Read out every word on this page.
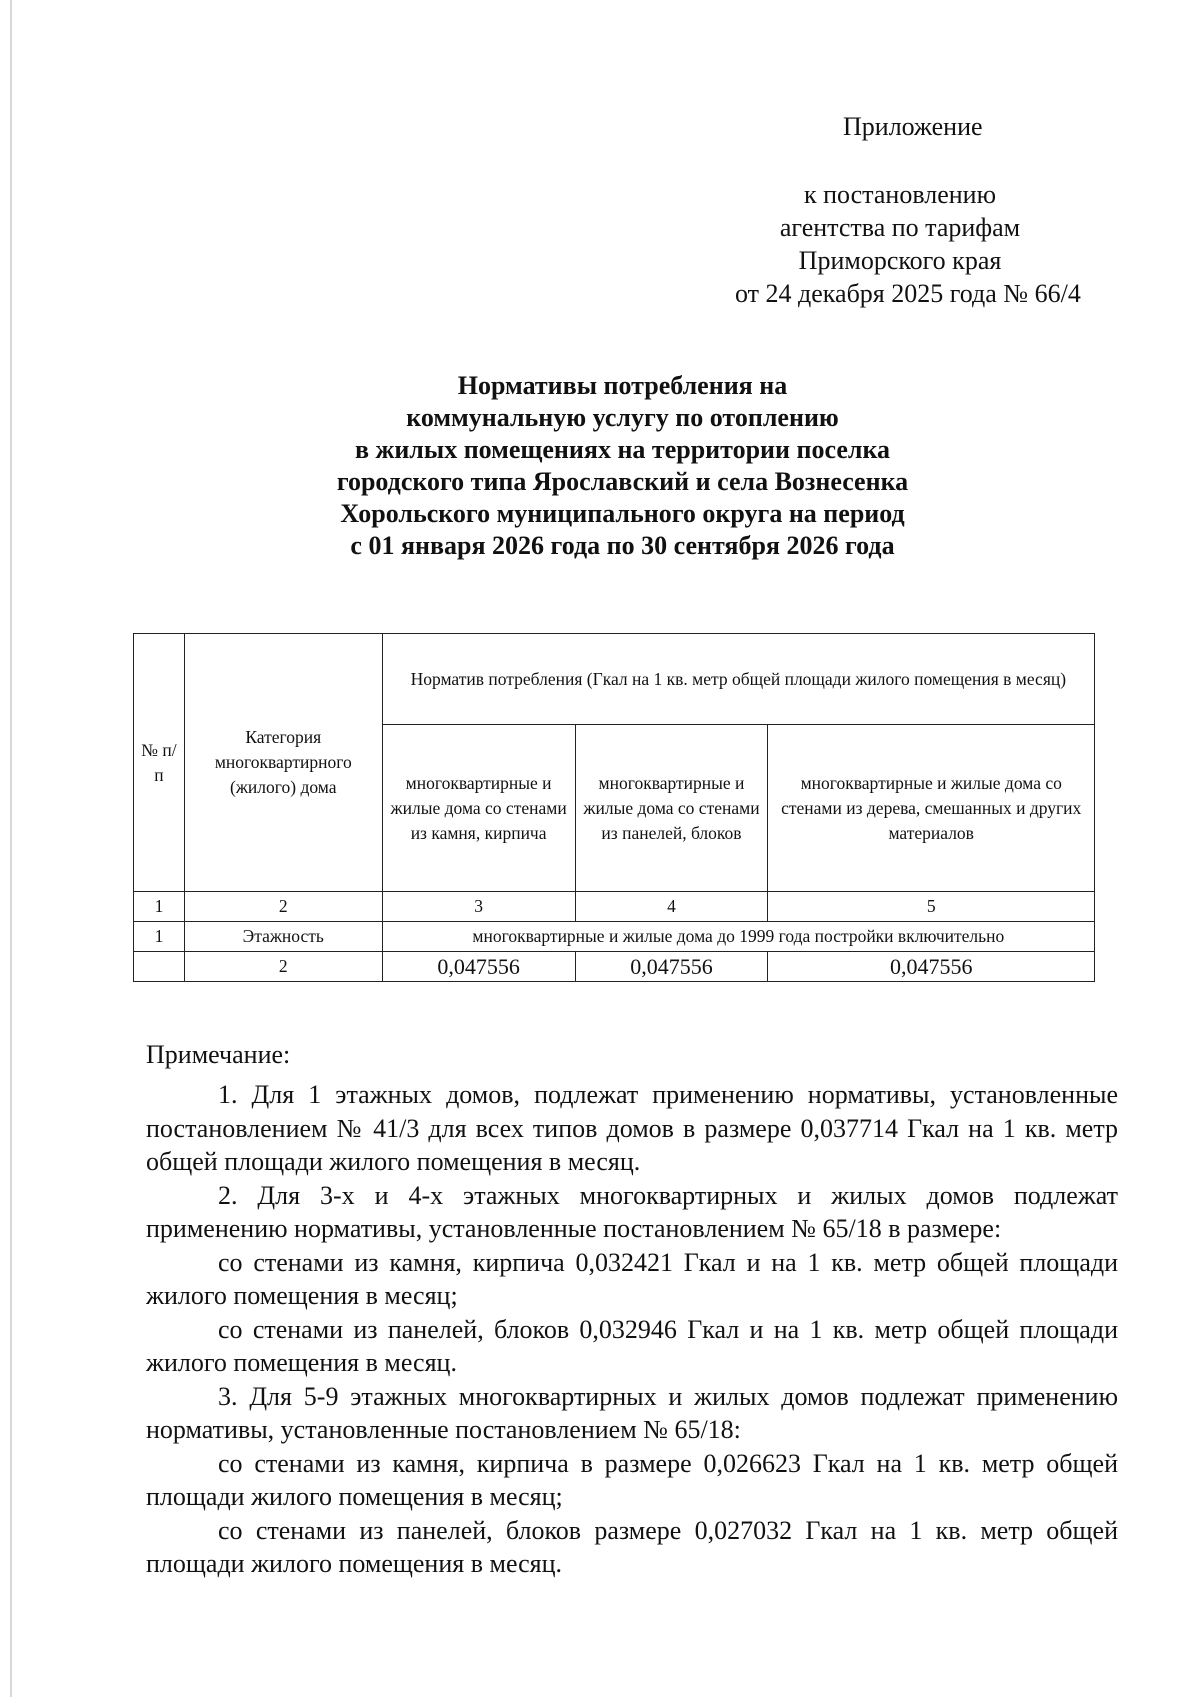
Приложение
к постановлению
агентства по тарифам
Приморского края
от 24 декабря 2025 года № 66/4
Нормативы потребления на
коммунальную услугу по отоплению
в жилых помещениях на территории поселка
городского типа Ярославский и села Вознесенка
Хорольского муниципального округа на период
с 01 января 2026 года по 30 сентября 2026 года
№ п/п	Категория многоквартирного (жилого) дома	Норматив потребления (Гкал на 1 кв. метр общей площади жилого помещения в месяц)		
		многоквартирные и жилые дома со стенами из камня, кирпича	многоквартирные и жилые дома со стенами из панелей, блоков	многоквартирные и жилые дома со стенами из дерева, смешанных и других материалов
1	2	3	4	5
1	Этажность	многоквартирные и жилые дома до 1999 года постройки включительно		
	2	0,047556	0,047556	0,047556
Примечание:

1. Для 1 этажных домов, подлежат применению нормативы, установленные постановлением № 41/3 для всех типов домов в размере 0,037714 Гкал на 1 кв. метр общей площади жилого помещения в месяц.

2. Для 3-х и 4-х этажных многоквартирных и жилых домов подлежат применению нормативы, установленные постановлением № 65/18 в размере:

со стенами из камня, кирпича 0,032421 Гкал и на 1 кв. метр общей площади жилого помещения в месяц;

со стенами из панелей, блоков 0,032946 Гкал и на 1 кв. метр общей площади жилого помещения в месяц.

3. Для 5-9 этажных многоквартирных и жилых домов подлежат применению нормативы, установленные постановлением № 65/18:

со стенами из камня, кирпича в размере 0,026623 Гкал на 1 кв. метр общей площади жилого помещения в месяц;

со стенами из панелей, блоков размере 0,027032 Гкал на 1 кв. метр общей площади жилого помещения в месяц.
